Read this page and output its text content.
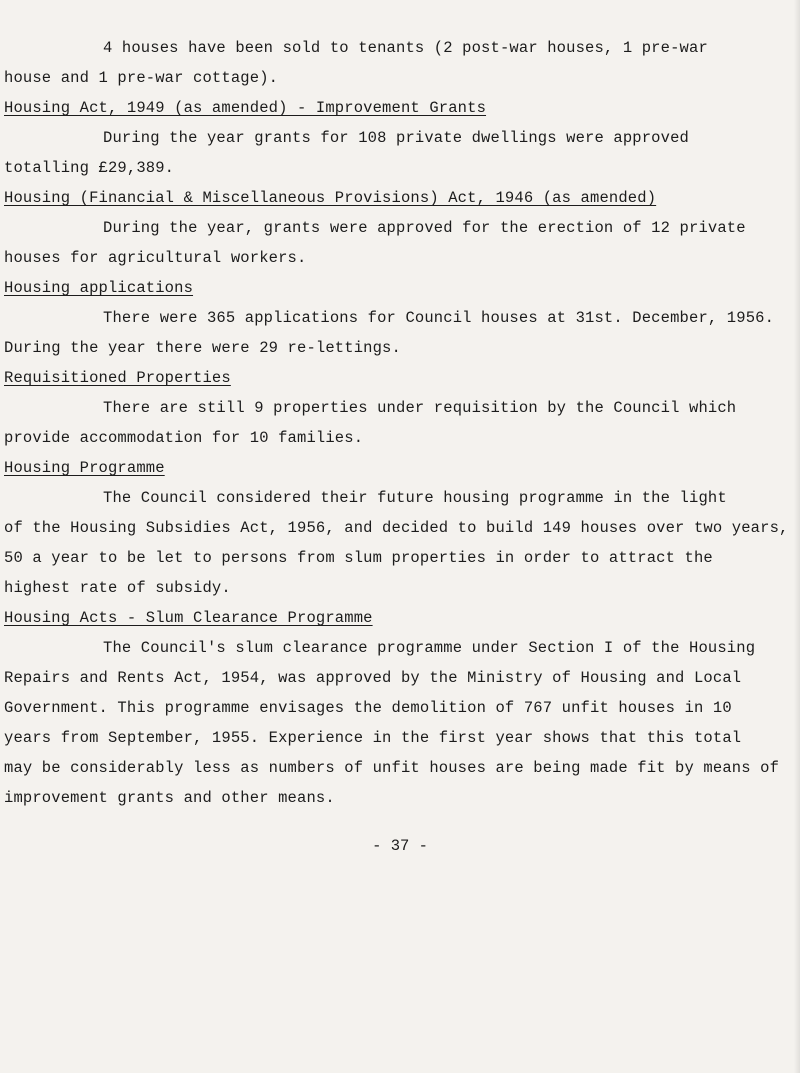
4 houses have been sold to tenants (2 post-war houses, 1 pre-war
house and 1 pre-war cottage).
Housing Act, 1949 (as amended) - Improvement Grants
During the year grants for 108 private dwellings were approved
totalling £29,389.
Housing (Financial & Miscellaneous Provisions) Act, 1946 (as amended)
During the year, grants were approved for the erection of 12 private
houses for agricultural workers.
Housing applications
There were 365 applications for Council houses at 31st. December, 1956.
During the year there were 29 re-lettings.
Requisitioned Properties
There are still 9 properties under requisition by the Council which
provide accommodation for 10 families.
Housing Programme
The Council considered their future housing programme in the light
of the Housing Subsidies Act, 1956, and decided to build 149 houses over two years,
50 a year to be let to persons from slum properties in order to attract the
highest rate of subsidy.
Housing Acts - Slum Clearance Programme
The Council's slum clearance programme under Section I of the Housing
Repairs and Rents Act, 1954, was approved by the Ministry of Housing and Local
Government. This programme envisages the demolition of 767 unfit houses in 10
years from September, 1955. Experience in the first year shows that this total
may be considerably less as numbers of unfit houses are being made fit by means of
improvement grants and other means.
- 37 -
